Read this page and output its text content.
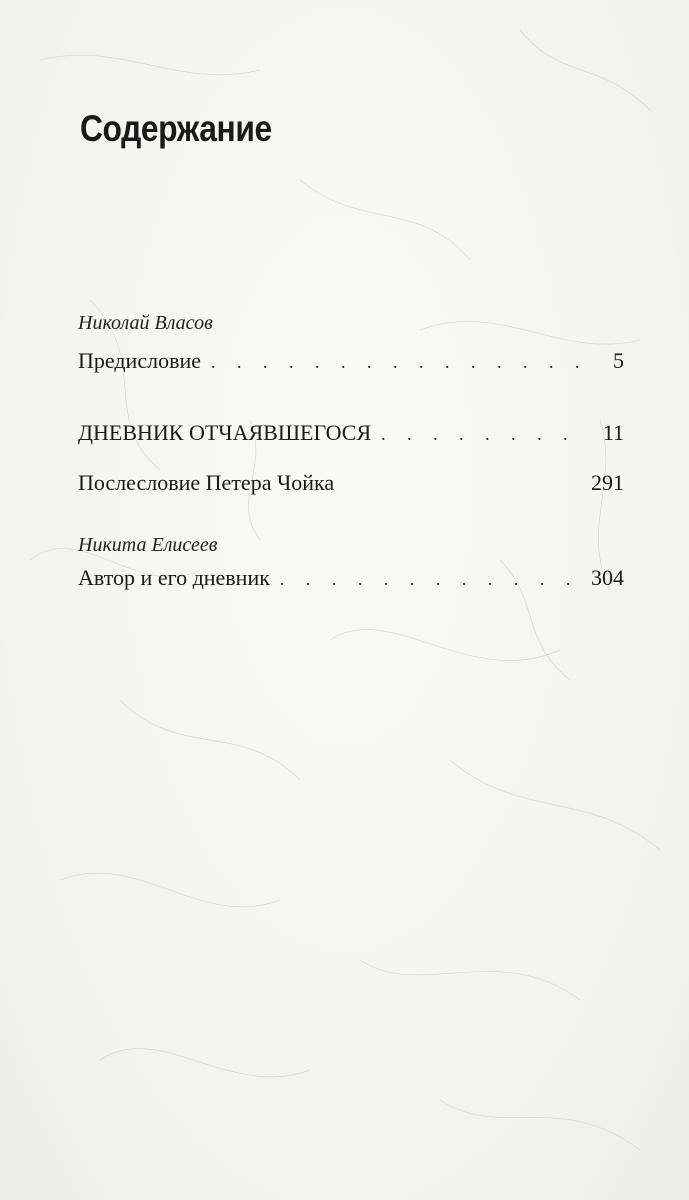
Содержание
Николай Власов
Предисловие . . .	5
ДНЕВНИК ОТЧАЯВШЕГОСЯ . . .	11
Послесловие Петера Чойка	291
Никита Елисеев
Автор и его дневник . . .	304
